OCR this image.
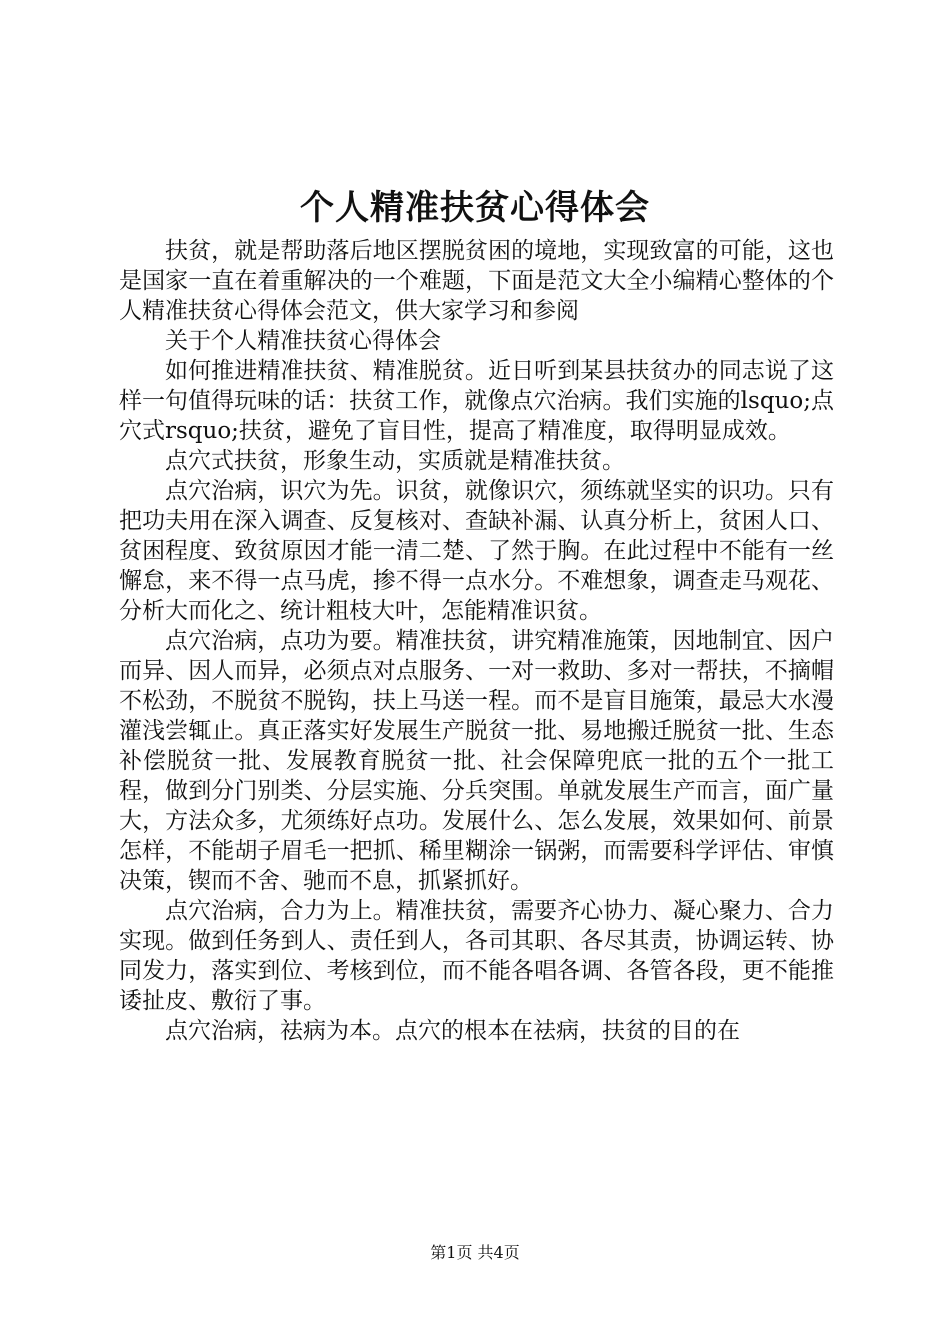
个人精准扶贫心得体会

扶贫，就是帮助落后地区摆脱贫困的境地，实现致富的可能，这也是国家一直在着重解决的一个难题，下面是范文大全小编精心整体的个人精准扶贫心得体会范文，供大家学习和参阅

关于个人精准扶贫心得体会

如何推进精准扶贫、精准脱贫。近日听到某县扶贫办的同志说了这样一句值得玩味的话：扶贫工作，就像点穴治病。我们实施的lsquo;点穴式rsquo;扶贫，避免了盲目性，提高了精准度，取得明显成效。

点穴式扶贫，形象生动，实质就是精准扶贫。

点穴治病，识穴为先。识贫，就像识穴，须练就坚实的识功。只有把功夫用在深入调查、反复核对、查缺补漏、认真分析上，贫困人口、贫困程度、致贫原因才能一清二楚、了然于胸。在此过程中不能有一丝懈怠，来不得一点马虎，掺不得一点水分。不难想象，调查走马观花、分析大而化之、统计粗枝大叶，怎能精准识贫。

点穴治病，点功为要。精准扶贫，讲究精准施策，因地制宜、因户而异、因人而异，必须点对点服务、一对一救助、多对一帮扶，不摘帽不松劲，不脱贫不脱钩，扶上马送一程。而不是盲目施策，最忌大水漫灌浅尝辄止。真正落实好发展生产脱贫一批、易地搬迁脱贫一批、生态补偿脱贫一批、发展教育脱贫一批、社会保障兜底一批的五个一批工程，做到分门别类、分层实施、分兵突围。单就发展生产而言，面广量大，方法众多，尤须练好点功。发展什么、怎么发展，效果如何、前景怎样，不能胡子眉毛一把抓、稀里糊涂一锅粥，而需要科学评估、审慎决策，锲而不舍、驰而不息，抓紧抓好。

点穴治病，合力为上。精准扶贫，需要齐心协力、凝心聚力、合力实现。做到任务到人、责任到人，各司其职、各尽其责，协调运转、协同发力，落实到位、考核到位，而不能各唱各调、各管各段，更不能推诿扯皮、敷衍了事。

点穴治病，祛病为本。点穴的根本在祛病，扶贫的目的在

第1页 共4页
